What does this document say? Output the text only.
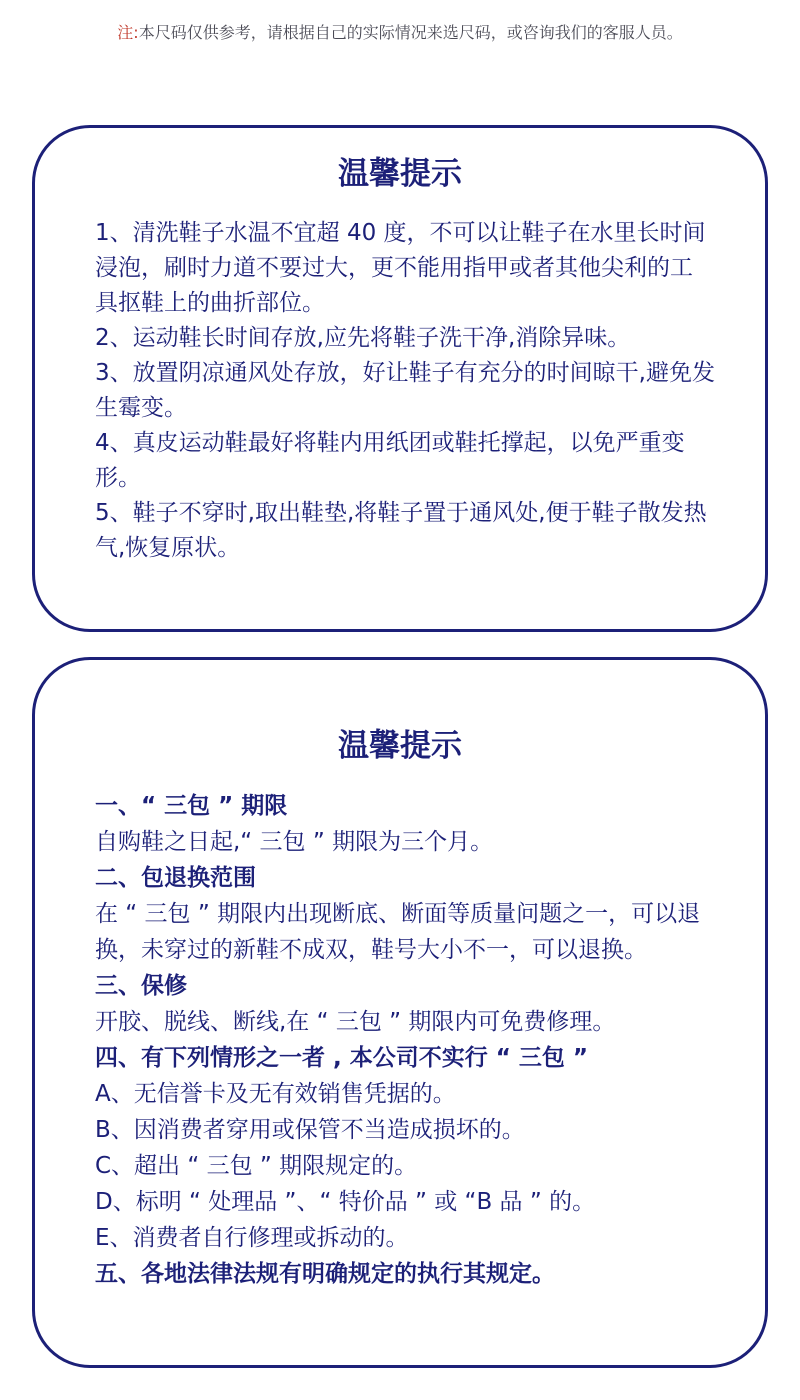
注:本尺码仅供参考，请根据自己的实际情况来选尺码，或咨询我们的客服人员。
温馨提示
1、清洗鞋子水温不宜超 40 度，不可以让鞋子在水里长时间浸泡，刷时力道不要过大，更不能用指甲或者其他尖利的工具抠鞋上的曲折部位。
2、运动鞋长时间存放,应先将鞋子洗干净,消除异味。
3、放置阴凉通风处存放，好让鞋子有充分的时间晾干,避免发生霉变。
4、真皮运动鞋最好将鞋内用纸团或鞋托撑起，以免严重变形。
5、鞋子不穿时,取出鞋垫,将鞋子置于通风处,便于鞋子散发热气,恢复原状。
温馨提示
一、“ 三包 ” 期限
自购鞋之日起,“ 三包 ” 期限为三个月。
二、包退换范围
在 “ 三包 ” 期限内出现断底、断面等质量问题之一，可以退换，未穿过的新鞋不成双，鞋号大小不一，可以退换。
三、保修
开胶、脱线、断线,在 “ 三包 ” 期限内可免费修理。
四、有下列情形之一者 , 本公司不实行 “ 三包 ”
A、无信誉卡及无有效销售凭据的。
B、因消费者穿用或保管不当造成损坏的。
C、超出 “ 三包 ” 期限规定的。
D、标明 “ 处理品 ”、“ 特价品 ” 或 “B 品 ” 的。
E、消费者自行修理或拆动的。
五、各地法律法规有明确规定的执行其规定。
